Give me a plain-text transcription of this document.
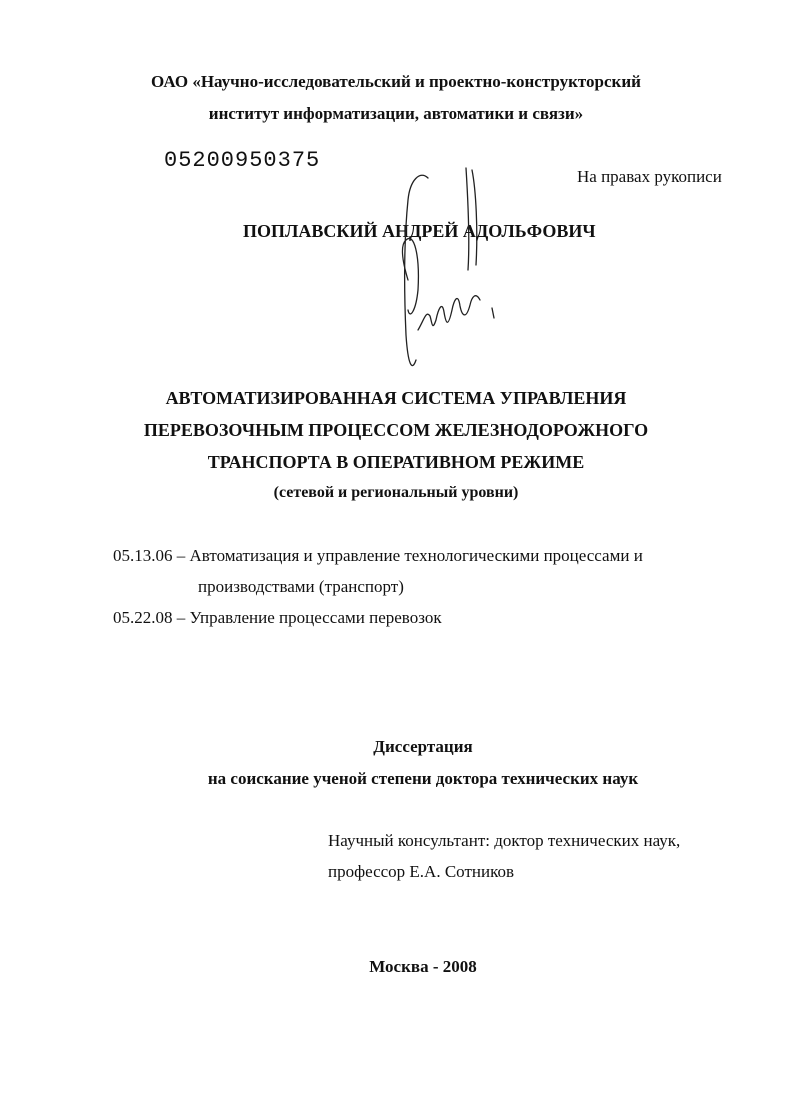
ОАО «Научно-исследовательский и проектно-конструкторский
институт информатизации, автоматики и связи»
05200950375
На правах рукописи
ПОПЛАВСКИЙ АНДРЕЙ АДОЛЬФОВИЧ
АВТОМАТИЗИРОВАННАЯ СИСТЕМА УПРАВЛЕНИЯ
ПЕРЕВОЗОЧНЫМ ПРОЦЕССОМ ЖЕЛЕЗНОДОРОЖНОГО
ТРАНСПОРТА В ОПЕРАТИВНОМ РЕЖИМЕ
(сетевой и региональный уровни)
05.13.06 – Автоматизация и управление технологическими процессами и
производствами (транспорт)
05.22.08 – Управление процессами перевозок
Диссертация
на соискание ученой степени доктора технических наук
Научный консультант: доктор технических наук,
профессор Е.А. Сотников
Москва - 2008
